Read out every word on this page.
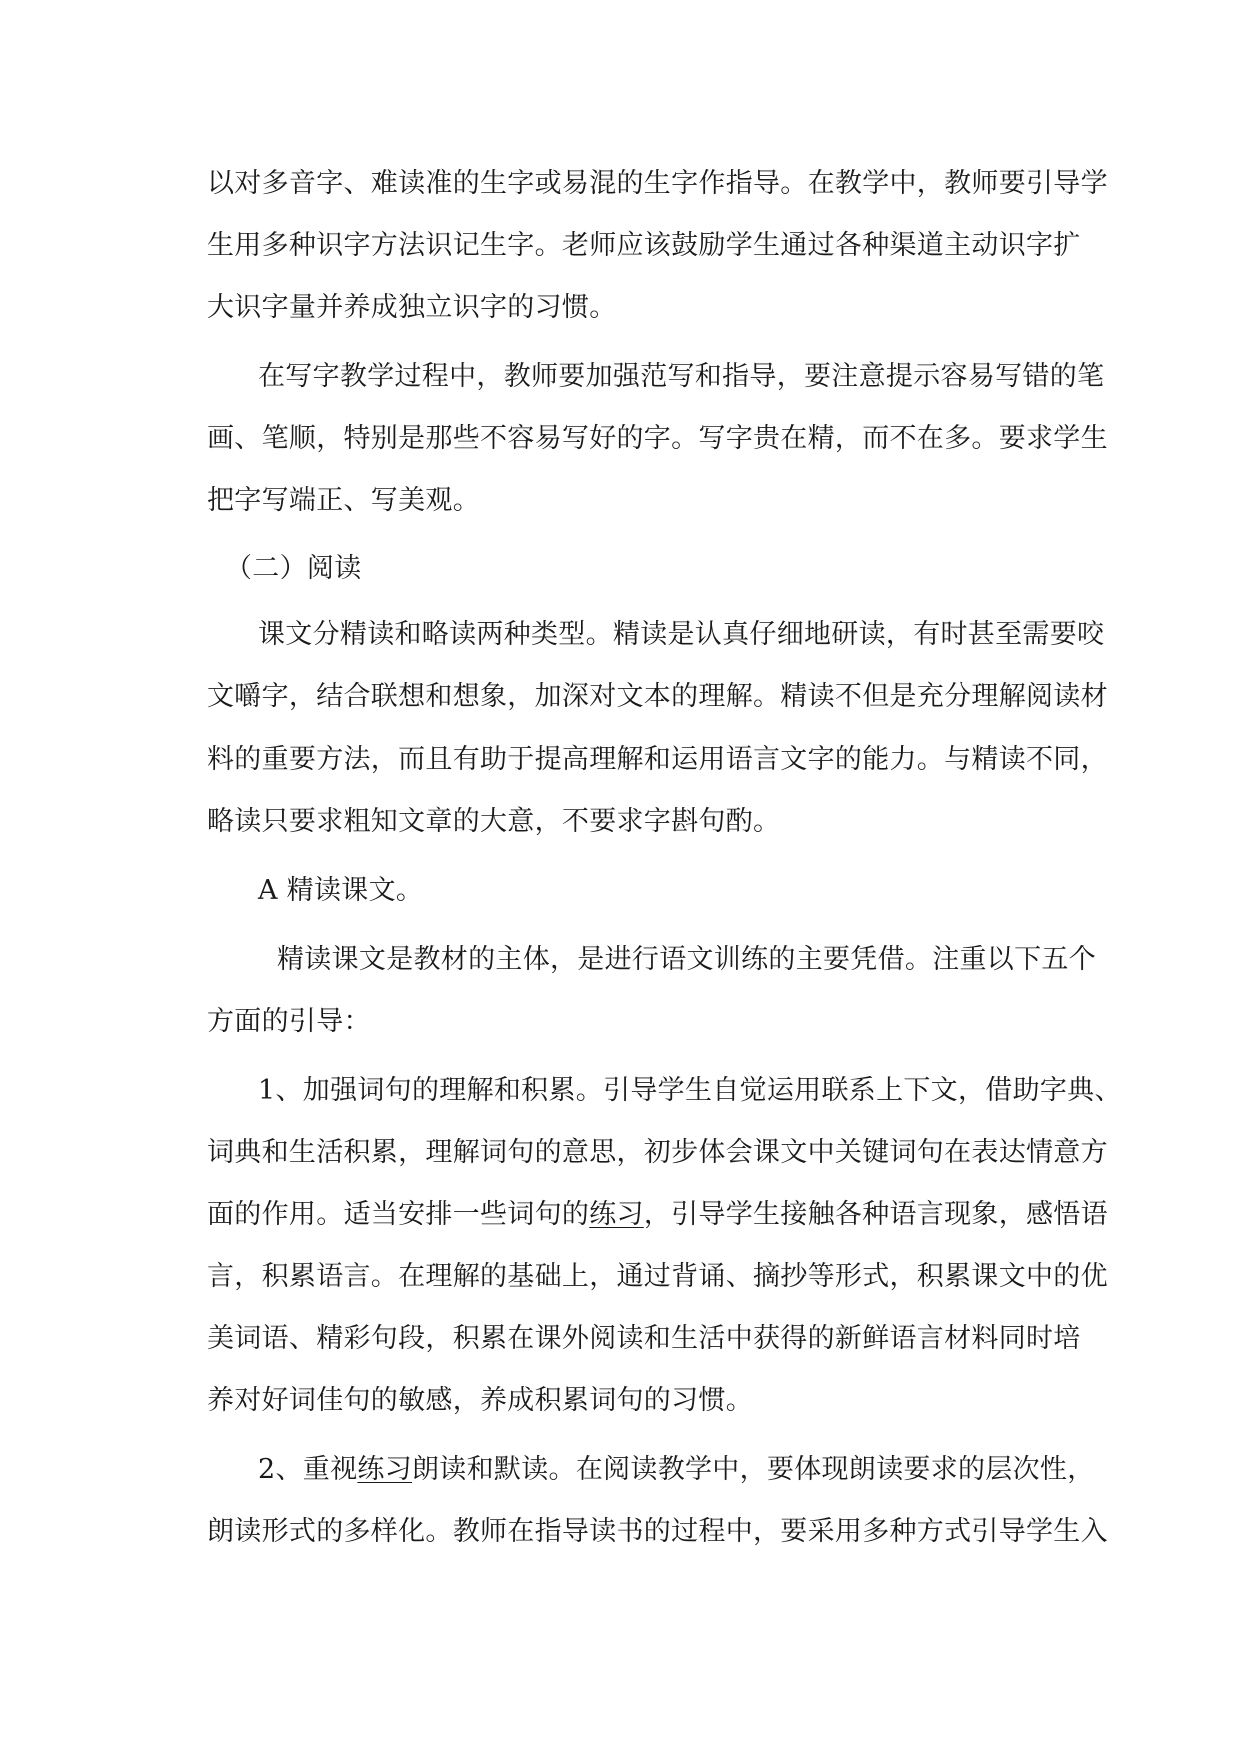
以对多音字、难读准的生字或易混的生字作指导。在教学中，教师要引导学
生用多种识字方法识记生字。老师应该鼓励学生通过各种渠道主动识字扩
大识字量并养成独立识字的习惯。
在写字教学过程中，教师要加强范写和指导，要注意提示容易写错的笔
画、笔顺，特别是那些不容易写好的字。写字贵在精，而不在多。要求学生
把字写端正、写美观。
（二）阅读
课文分精读和略读两种类型。精读是认真仔细地研读，有时甚至需要咬
文嚼字，结合联想和想象，加深对文本的理解。精读不但是充分理解阅读材
料的重要方法，而且有助于提高理解和运用语言文字的能力。与精读不同，
略读只要求粗知文章的大意，不要求字斟句酌。
A 精读课文。
精读课文是教材的主体，是进行语文训练的主要凭借。注重以下五个
方面的引导：
1、加强词句的理解和积累。引导学生自觉运用联系上下文，借助字典、
词典和生活积累，理解词句的意思，初步体会课文中关键词句在表达情意方
面的作用。适当安排一些词句的练习，引导学生接触各种语言现象，感悟语
言，积累语言。在理解的基础上，通过背诵、摘抄等形式，积累课文中的优
美词语、精彩句段，积累在课外阅读和生活中获得的新鲜语言材料同时培
养对好词佳句的敏感，养成积累词句的习惯。
2、重视练习朗读和默读。在阅读教学中，要体现朗读要求的层次性，
朗读形式的多样化。教师在指导读书的过程中，要采用多种方式引导学生入
